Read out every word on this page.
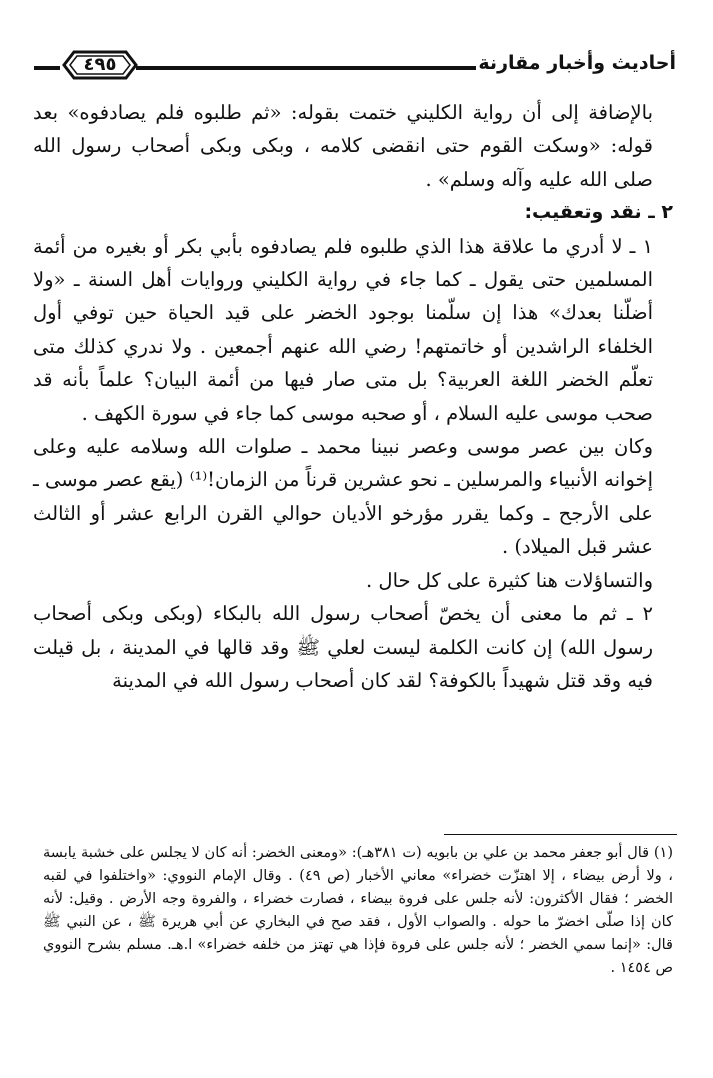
أحاديث وأخبار مقارنة
٤٩٥

بالإضافة إلى أن رواية الكليني ختمت بقوله: «ثم طلبوه فلم يصادفوه» بعد قوله: «وسكت القوم حتى انقضى كلامه ، وبكى وبكى أصحاب رسول الله صلى الله عليه وآله وسلم» .

٢ ـ نقد وتعقيب:

١ ـ لا أدري ما علاقة هذا الذي طلبوه فلم يصادفوه بأبي بكر أو بغيره من أئمة المسلمين حتى يقول ـ كما جاء في رواية الكليني وروايات أهل السنة ـ «ولا أضلّنا بعدك» هذا إن سلّمنا بوجود الخضر على قيد الحياة حين توفي أول الخلفاء الراشدين أو خاتمتهم! رضي الله عنهم أجمعين . ولا ندري كذلك متى تعلّم الخضر اللغة العربية؟ بل متى صار فيها من أئمة البيان؟ علماً بأنه قد صحب موسى عليه السلام ، أو صحبه موسى كما جاء في سورة الكهف .

وكان بين عصر موسى وعصر نبينا محمد ـ صلوات الله وسلامه عليه وعلى إخوانه الأنبياء والمرسلين ـ نحو عشرين قرناً من الزمان!⁽¹⁾ (يقع عصر موسى ـ على الأرجح ـ وكما يقرر مؤرخو الأديان حوالي القرن الرابع عشر أو الثالث عشر قبل الميلاد) .

والتساؤلات هنا كثيرة على كل حال .

٢ ـ ثم ما معنى أن يخصّ أصحاب رسول الله بالبكاء (وبكى وبكى أصحاب رسول الله) إن كانت الكلمة ليست لعلي ﷺ وقد قالها في المدينة ، بل قيلت فيه وقد قتل شهيداً بالكوفة؟ لقد كان أصحاب رسول الله في المدينة

(١) قال أبو جعفر محمد بن علي بن بابويه (ت ٣٨١هـ): «ومعنى الخضر: أنه كان لا يجلس على خشبة يابسة ، ولا أرض بيضاء ، إلا اهتزّت خضراء» معاني الأخبار (ص ٤٩) . وقال الإمام النووي: «واختلفوا في لقبه الخضر ؛ فقال الأكثرون: لأنه جلس على فروة بيضاء ، فصارت خضراء ، والفروة وجه الأرض . وقيل: لأنه كان إذا صلّى اخضرّ ما حوله . والصواب الأول ، فقد صح في البخاري عن أبي هريرة ﷺ ، عن النبي ﷺ قال: «إنما سمي الخضر ؛ لأنه جلس على فروة فإذا هي تهتز من خلفه خضراء» ا.هـ. مسلم بشرح النووي ص ١٤٥٤ .
